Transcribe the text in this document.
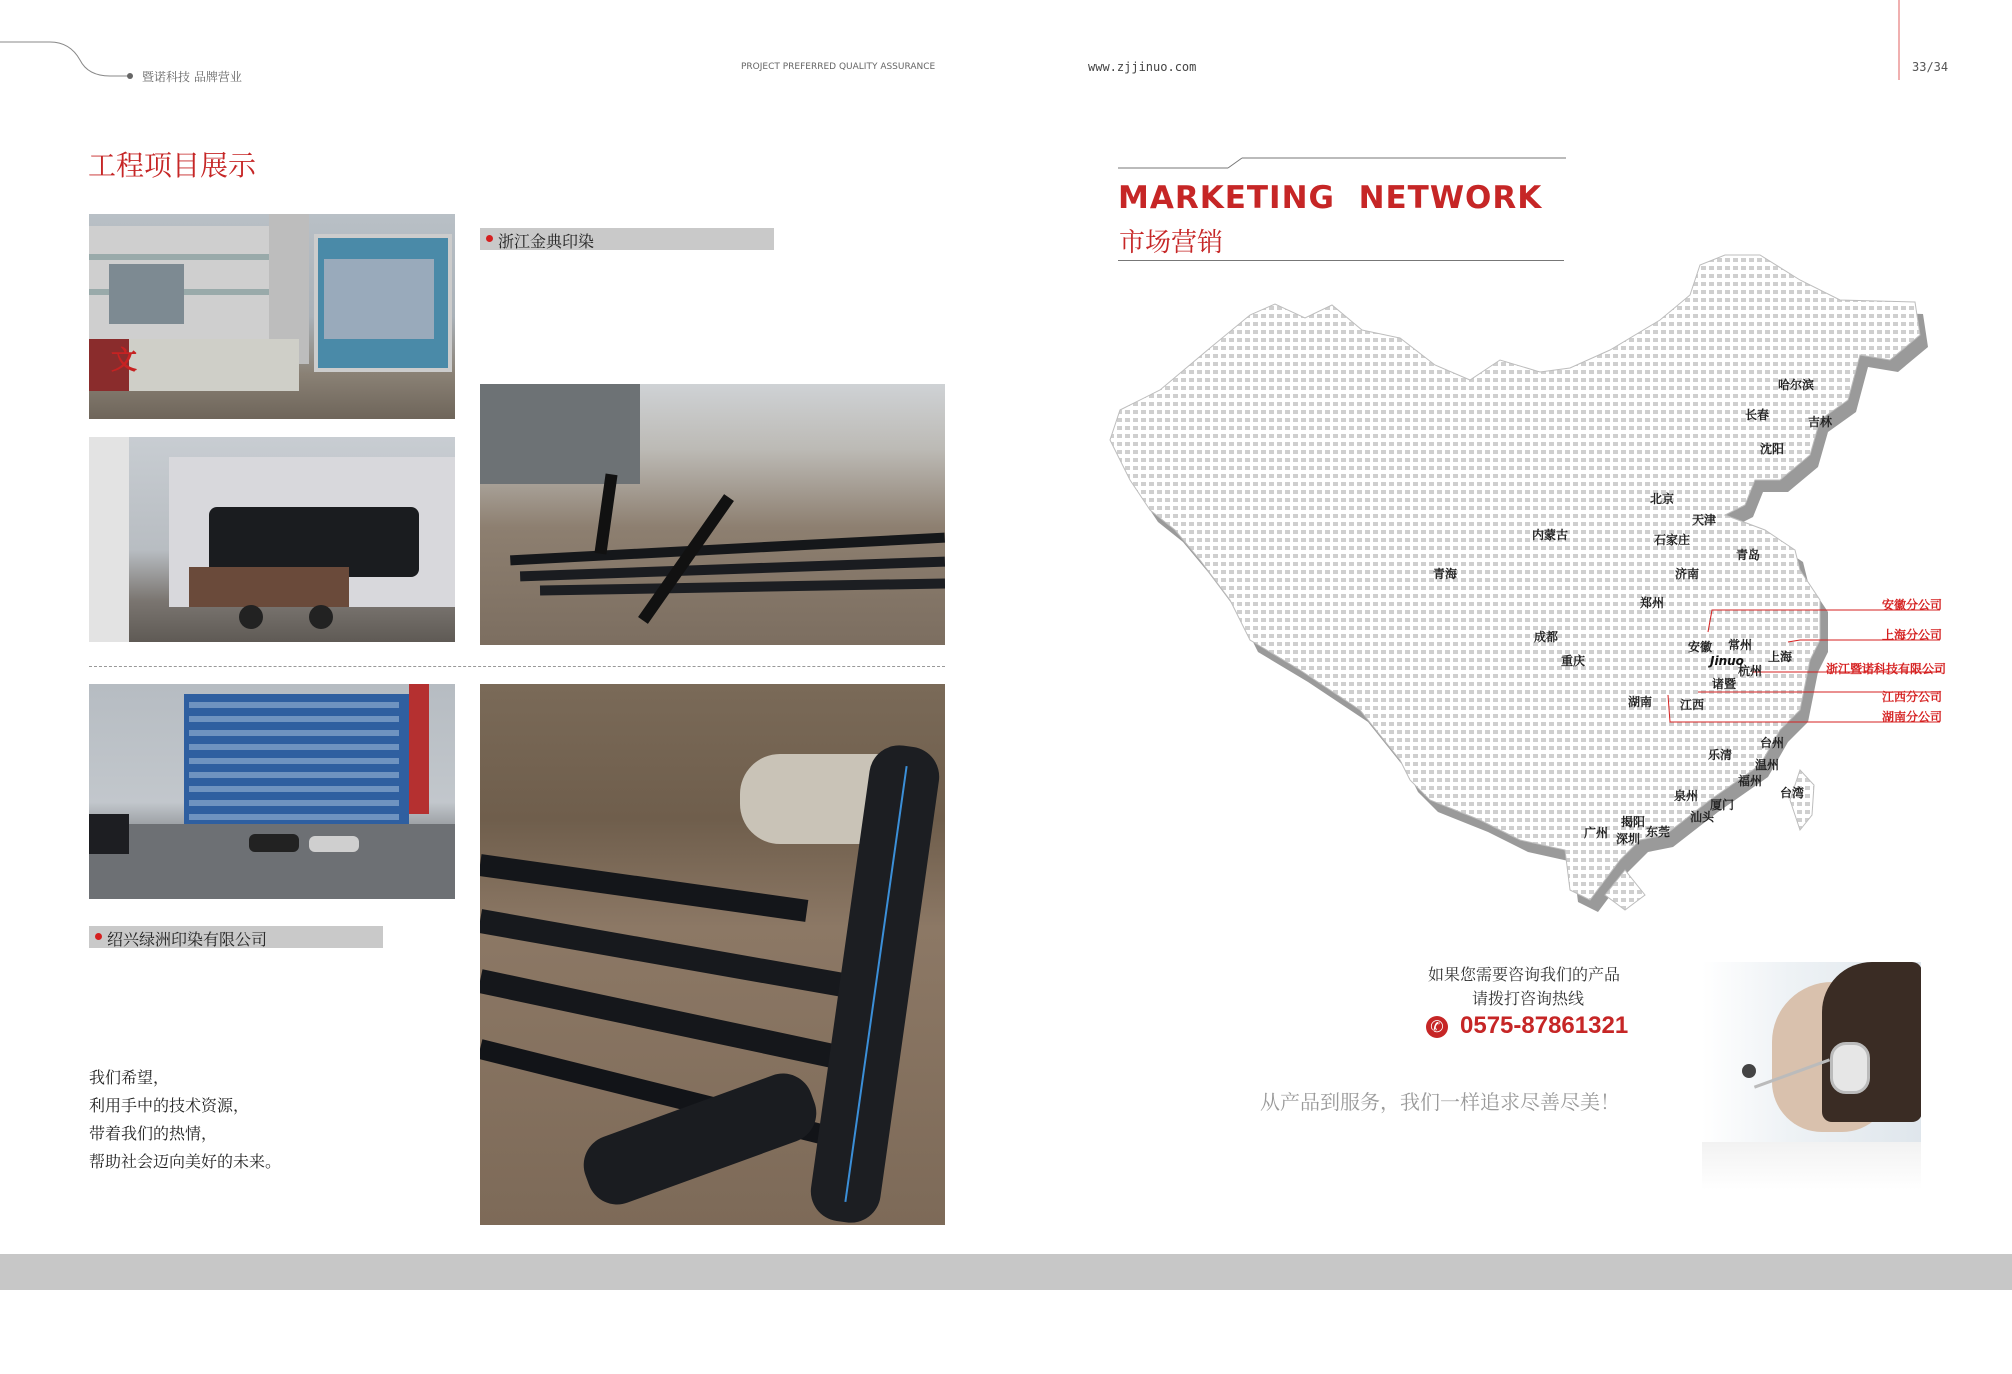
暨诺科技 品牌营业
PROJECT PREFERRED QUALITY ASSURANCE	www.zjjinuo.com	33/34
工程项目展示
文
浙江金典印染
绍兴绿洲印染有限公司
我们希望，
利用手中的技术资源，
带着我们的热情，
帮助社会迈向美好的未来。
MARKETING  NETWORK
市场营销
哈尔滨
长春	吉林
沈阳
北京
天津
内蒙古	石家庄
青岛
青海	济南
郑州
安徽 常州
上海
杭州
诸暨
成都
重庆
湖南 江西
台州
乐清
温州
福州
泉州
厦门
台湾
汕头
揭阳
广州 深圳 东莞
Jinuo
安徽分公司
上海分公司
浙江暨诺科技有限公司
江西分公司
湖南分公司
如果您需要咨询我们的产品
请拨打咨询热线
✆ 0575-87861321
从产品到服务，我们一样追求尽善尽美！
